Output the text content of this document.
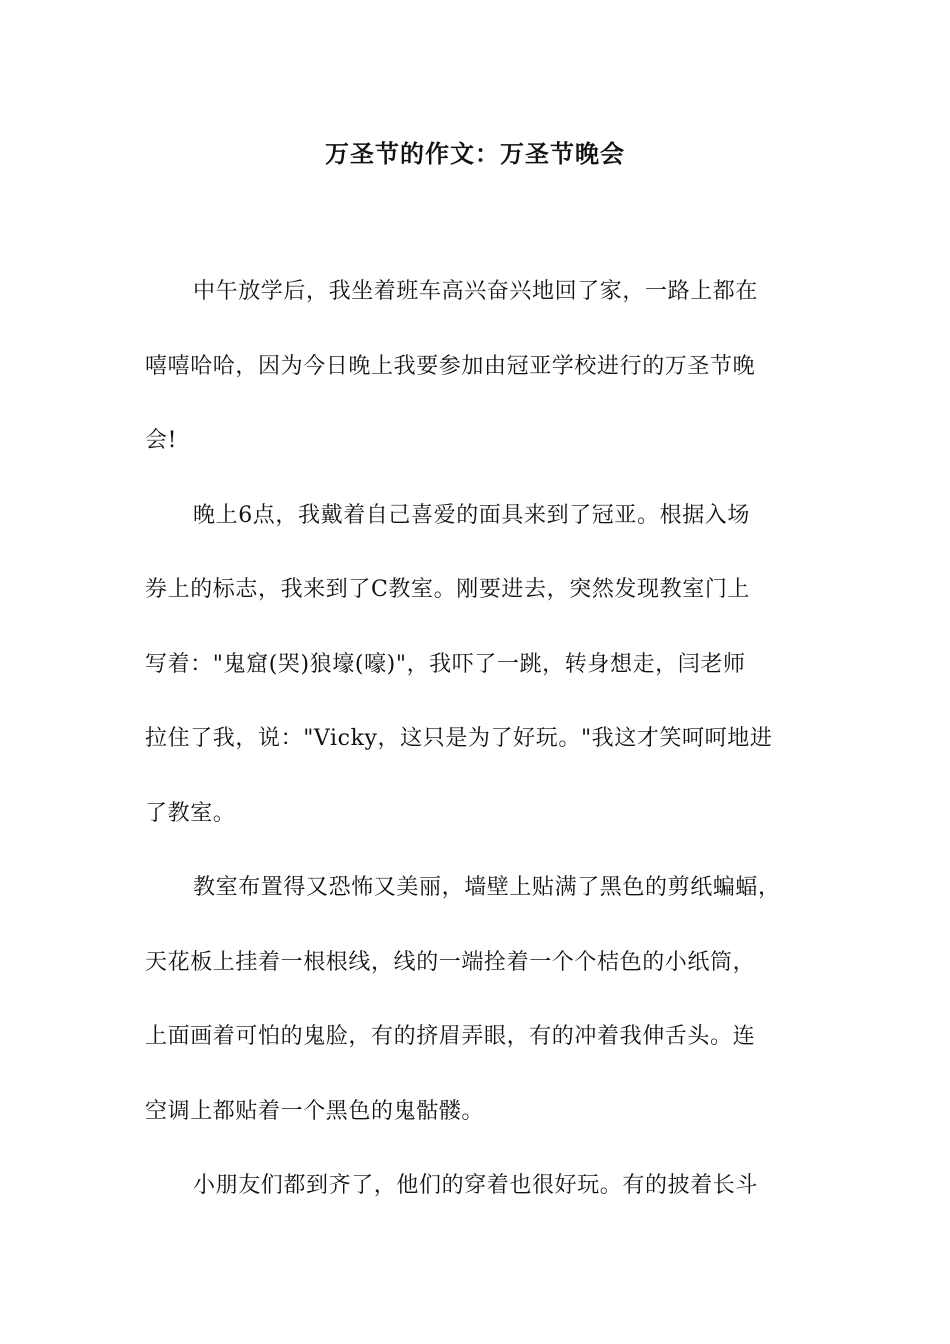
万圣节的作文：万圣节晚会
中午放学后，我坐着班车高兴奋兴地回了家，一路上都在
嘻嘻哈哈，因为今日晚上我要参加由冠亚学校进行的万圣节晚
会!
晚上6点，我戴着自己喜爱的面具来到了冠亚。根据入场
券上的标志，我来到了C教室。刚要进去，突然发现教室门上
写着："鬼窟(哭)狼壕(嚎)"，我吓了一跳，转身想走，闫老师
拉住了我，说："Vicky，这只是为了好玩。"我这才笑呵呵地进
了教室。
教室布置得又恐怖又美丽，墙壁上贴满了黑色的剪纸蝙蝠，
天花板上挂着一根根线，线的一端拴着一个个桔色的小纸筒，
上面画着可怕的鬼脸，有的挤眉弄眼，有的冲着我伸舌头。连
空调上都贴着一个黑色的鬼骷髅。
小朋友们都到齐了，他们的穿着也很好玩。有的披着长斗
